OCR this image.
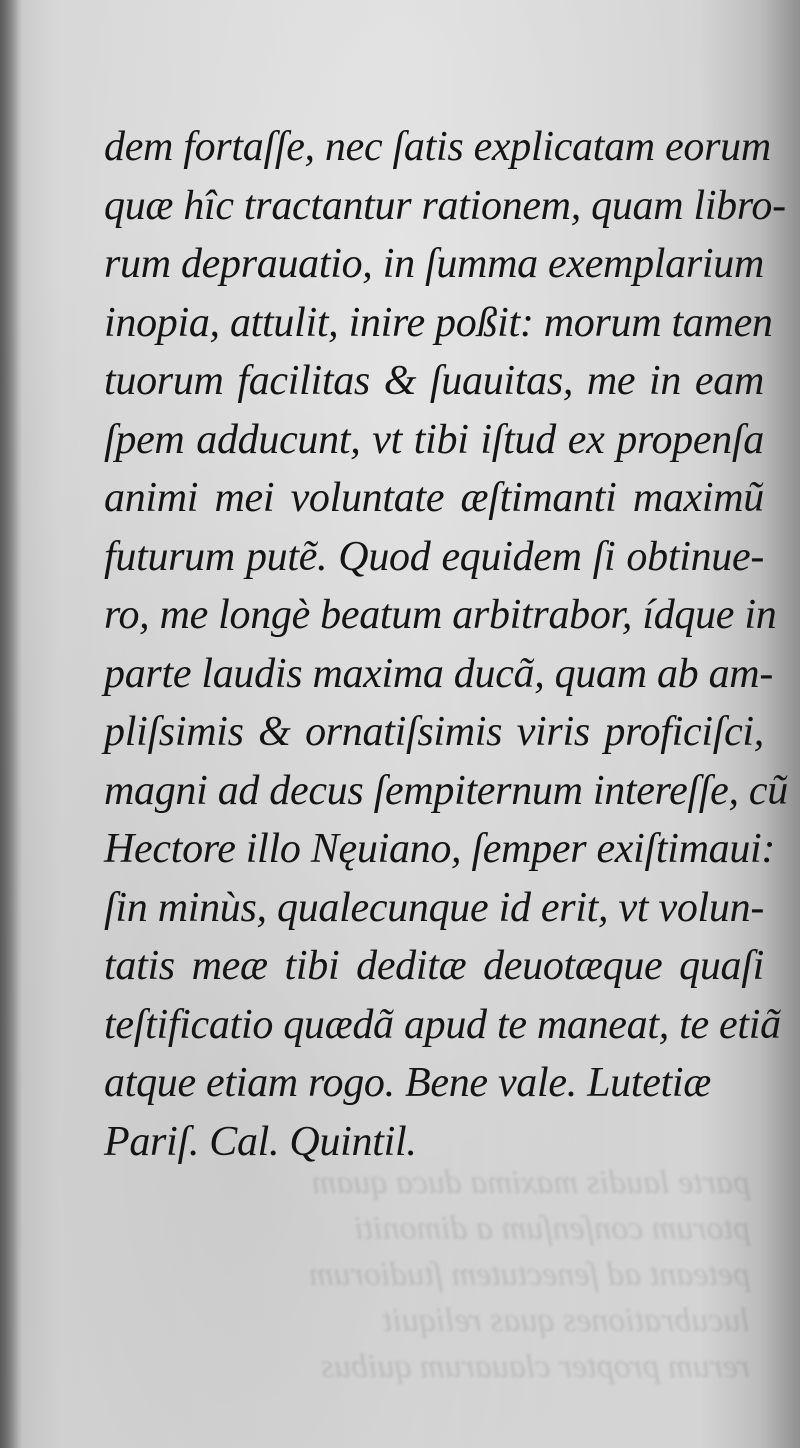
parte laudis maxima duca quam
ptorum conſenſum a dimoniti
peteant ad ſenectutem ſtudiorum
lucubrationes quas reliquit
rerum propter clauarum quibus
dem fortaſſe, nec ſatis explicatam eorum
quæ hîc tractantur rationem, quam libro-
rum deprauatio, in ſumma exemplarium
inopia, attulit, inire poßit: morum tamen
tuorum facilitas & ſuauitas, me in eam
ſpem adducunt, vt tibi iſtud ex propenſa
animi mei voluntate æſtimanti maximũ
futurum putẽ. Quod equidem ſi obtinue-
ro, me longè beatum arbitrabor, ídque in
parte laudis maxima ducã, quam ab am-
pliſsimis & ornatiſsimis viris proficiſci,
magni ad decus ſempiternum intereſſe, cũ
Hectore illo Nęuiano, ſemper exiſtimaui:
ſin minùs, qualecunque id erit, vt volun-
tatis meæ tibi deditæ deuotæque quaſi
teſtificatio quædã apud te maneat, te etiã
atque etiam rogo. Bene vale. Lutetiæ
Pariſ. Cal. Quintil.
